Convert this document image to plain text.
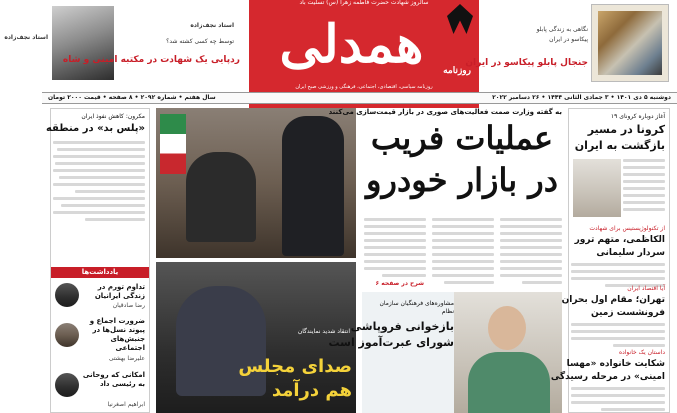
استاد نجف‌زاده
توسط چه کسی کشته شد؟
ردپایی یک شهادت در مکتبه امینی و شاه
استاد نجف‌زاده
سالروز شهادت حضرت فاطمه زهرا (س) تسلیت باد
همدلی	روزنامه
روزنامه سیاسی، اقتصادی، اجتماعی، فرهنگی و ورزشی صبح ایران
نگاهی به زندگی پابلو
پیکاسو در ایران
جنجال پابلو پیکاسو در ایران
دوشنبه ۵ دی ۱۴۰۱ • ۳ جمادی الثانی ۱۴۴۴ • ۲۶ دسامبر ۲۰۲۲
سال هفتم • شماره ۲۰۹۲ • ۸ صفحه • قیمت ۲۰۰۰ تومان
مکرون: کاهش نفوذ ایران
«پلس بد» در منطقه
یادداشت‌ها
تداوم تورم در زندگی ایرانیان
رضا صادقیان
ضرورت اجماع و پیوند نسل‌ها در جنبش‌های اجتماعی
علیرضا بهشتی
امکانی که روحانی به رئیسی داد
ابراهیم اصغرنیا
انتقاد شدید نمایندگان
صدای مجلس
هم درآمد
به گفته وزارت صمت فعالیت‌های صوری در بازار قیمت‌سازی می‌کنند
عملیات فریب
در بازار خودرو
شرح در صفحه ۶
مشاوره‌های فرهنگیان سازمان نظام
بازخوانی فروپاشی
شورای عبرت‌آموز است
آغاز دوباره کرونای ۱۹
کرونا در مسیر
بازگشت به ایران
از تکنولوژیستیس برای شهادت
الکاظمی، متهم ترور
سردار سلیمانی
آیا اقتصاد ایران
تهران؛ مقام اول بحران
فرونشست زمین
داستان یک خانواده
شکایت خانواده «مهسا
امینی» در مرحله رسیدگی
